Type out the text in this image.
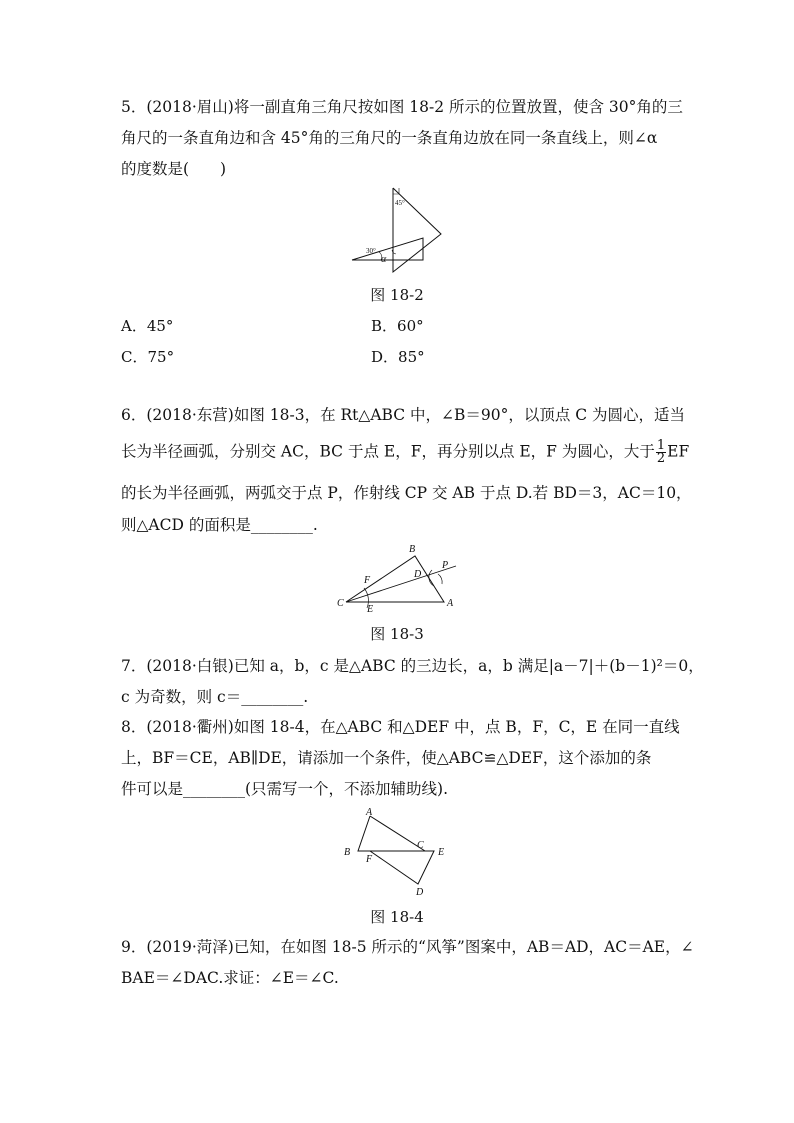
5．(2018·眉山)将一副直角三角尺按如图 18-2 所示的位置放置，使含 30°角的三
角尺的一条直角边和含 45°角的三角尺的一条直角边放在同一条直线上，则∠α
的度数是(　　)
45°
30°
α
图 18-2
A．45°	B．60°
C．75°	D．85°
6．(2018·东营)如图 18-3，在 Rt△ABC 中，∠B＝90°，以顶点 C 为圆心，适当
长为半径画弧，分别交 AC，BC 于点 E，F，再分别以点 E，F 为圆心，大于 $\frac{1}{2}$ EF
的长为半径画弧，两弧交于点 P，作射线 CP 交 AB 于点 D.若 BD＝3，AC＝10，
则△ACD 的面积是________.
B
P
D
F
C
E
A
图 18-3
7．(2018·白银)已知 a，b，c 是△ABC 的三边长，a，b 满足|a－7|＋(b－1)²＝0，
c 为奇数，则 c＝________.
8．(2018·衢州)如图 18-4，在△ABC 和△DEF 中，点 B，F，C，E 在同一直线
上，BF＝CE，AB∥DE，请添加一个条件，使△ABC≌△DEF，这个添加的条
件可以是________(只需写一个，不添加辅助线).
A
B
F
C
E
D
图 18-4
9．(2019·菏泽)已知，在如图 18-5 所示的“风筝”图案中，AB＝AD，AC＝AE，∠
BAE＝∠DAC.求证：∠E＝∠C.
